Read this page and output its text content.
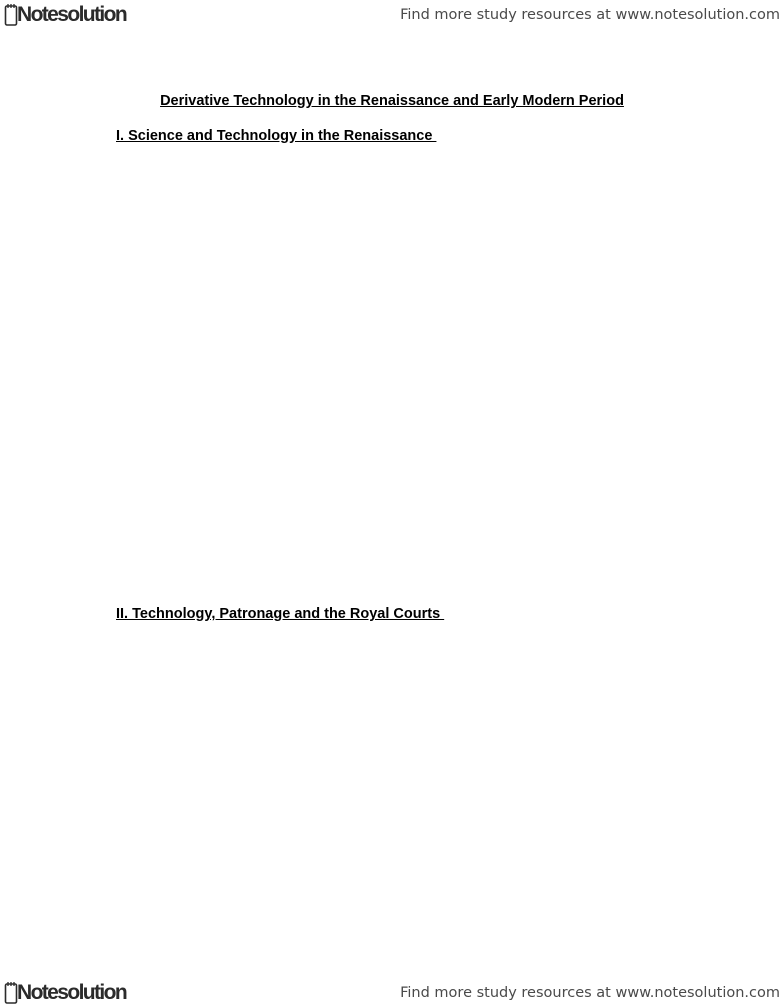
Notesolution	Find more study resources at www.notesolution.com
Derivative Technology in the Renaissance and Early Modern Period
I. Science and Technology in the Renaissance
II. Technology, Patronage and the Royal Courts
Notesolution	Find more study resources at www.notesolution.com
